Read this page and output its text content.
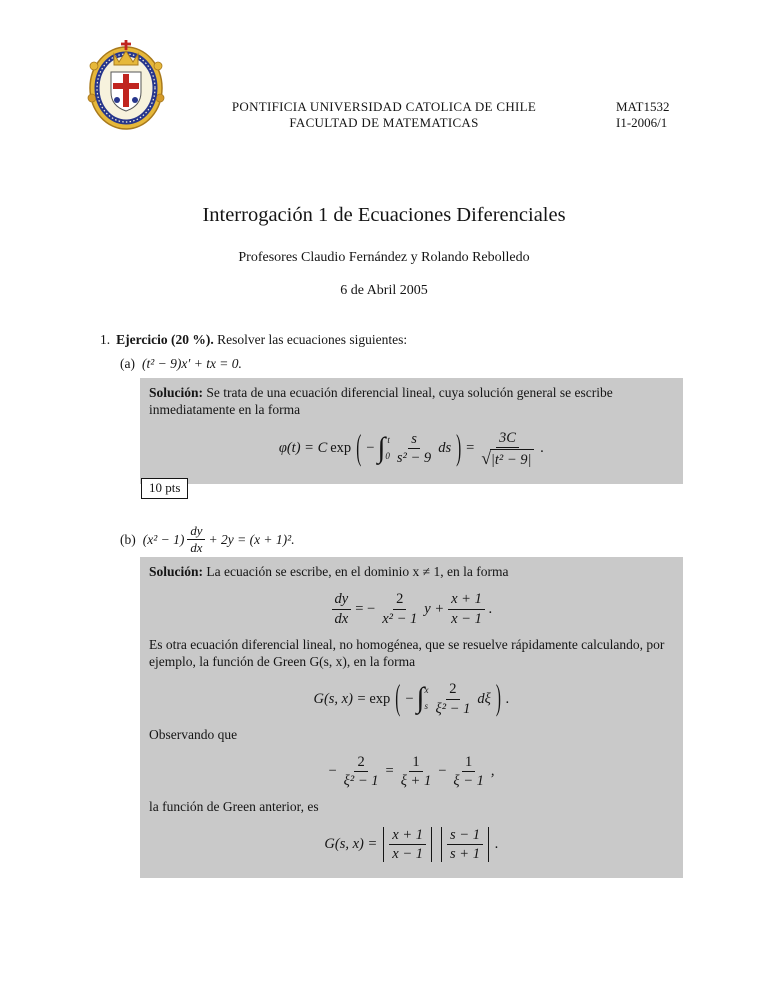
PONTIFICIA UNIVERSIDAD CATOLICA DE CHILE
FACULTAD DE MATEMATICAS
MAT1532
I1-2006/1
Interrogación 1 de Ecuaciones Diferenciales
Profesores Claudio Fernández y Rolando Rebolledo
6 de Abril 2005
1. Ejercicio (20 %). Resolver las ecuaciones siguientes:
(a) (t² − 9)x′ + tx = 0.

Solución: Se trata de una ecuación diferencial lineal, cuya solución general se escribe inmediatamente en la forma

φ(t) = C exp ( − ∫ t
$0 \frac{s}{\text{s² − 9}}$ ds ) = $\frac{3C}{\text{√ |t² − 9|}}$ .
10 pts
(b) $(x^2 - 1) \frac{dy}{dx} + 2y = (x + 1)^2$.

Solución: La ecuación se escribe, en el dominio x ≠ 1, en la forma

$\frac{dy}{dx}$ = − $\frac{2}{\text{x² − 1}}$ $y + \frac{x + 1}{x - 1}$ .

Es otra ecuación diferencial lineal, no homogénea, que se resuelve rápidamente calculando, por ejemplo, la función de Green G(s, x), en la forma

G(s, x) = exp ( − ∫ x
s $\frac{2}{\text{ξ² − 1}}$ dξ ) .

Observando que

− $\frac{2}{\text{ξ² − 1}} = \frac{1}{\xi + 1} - \frac{1}{\xi - 1}$ ,

la función de Green anterior, es

G(s, $x) = \frac{x + 1}{x - 1} \frac{s - 1}{s + 1}$ .
